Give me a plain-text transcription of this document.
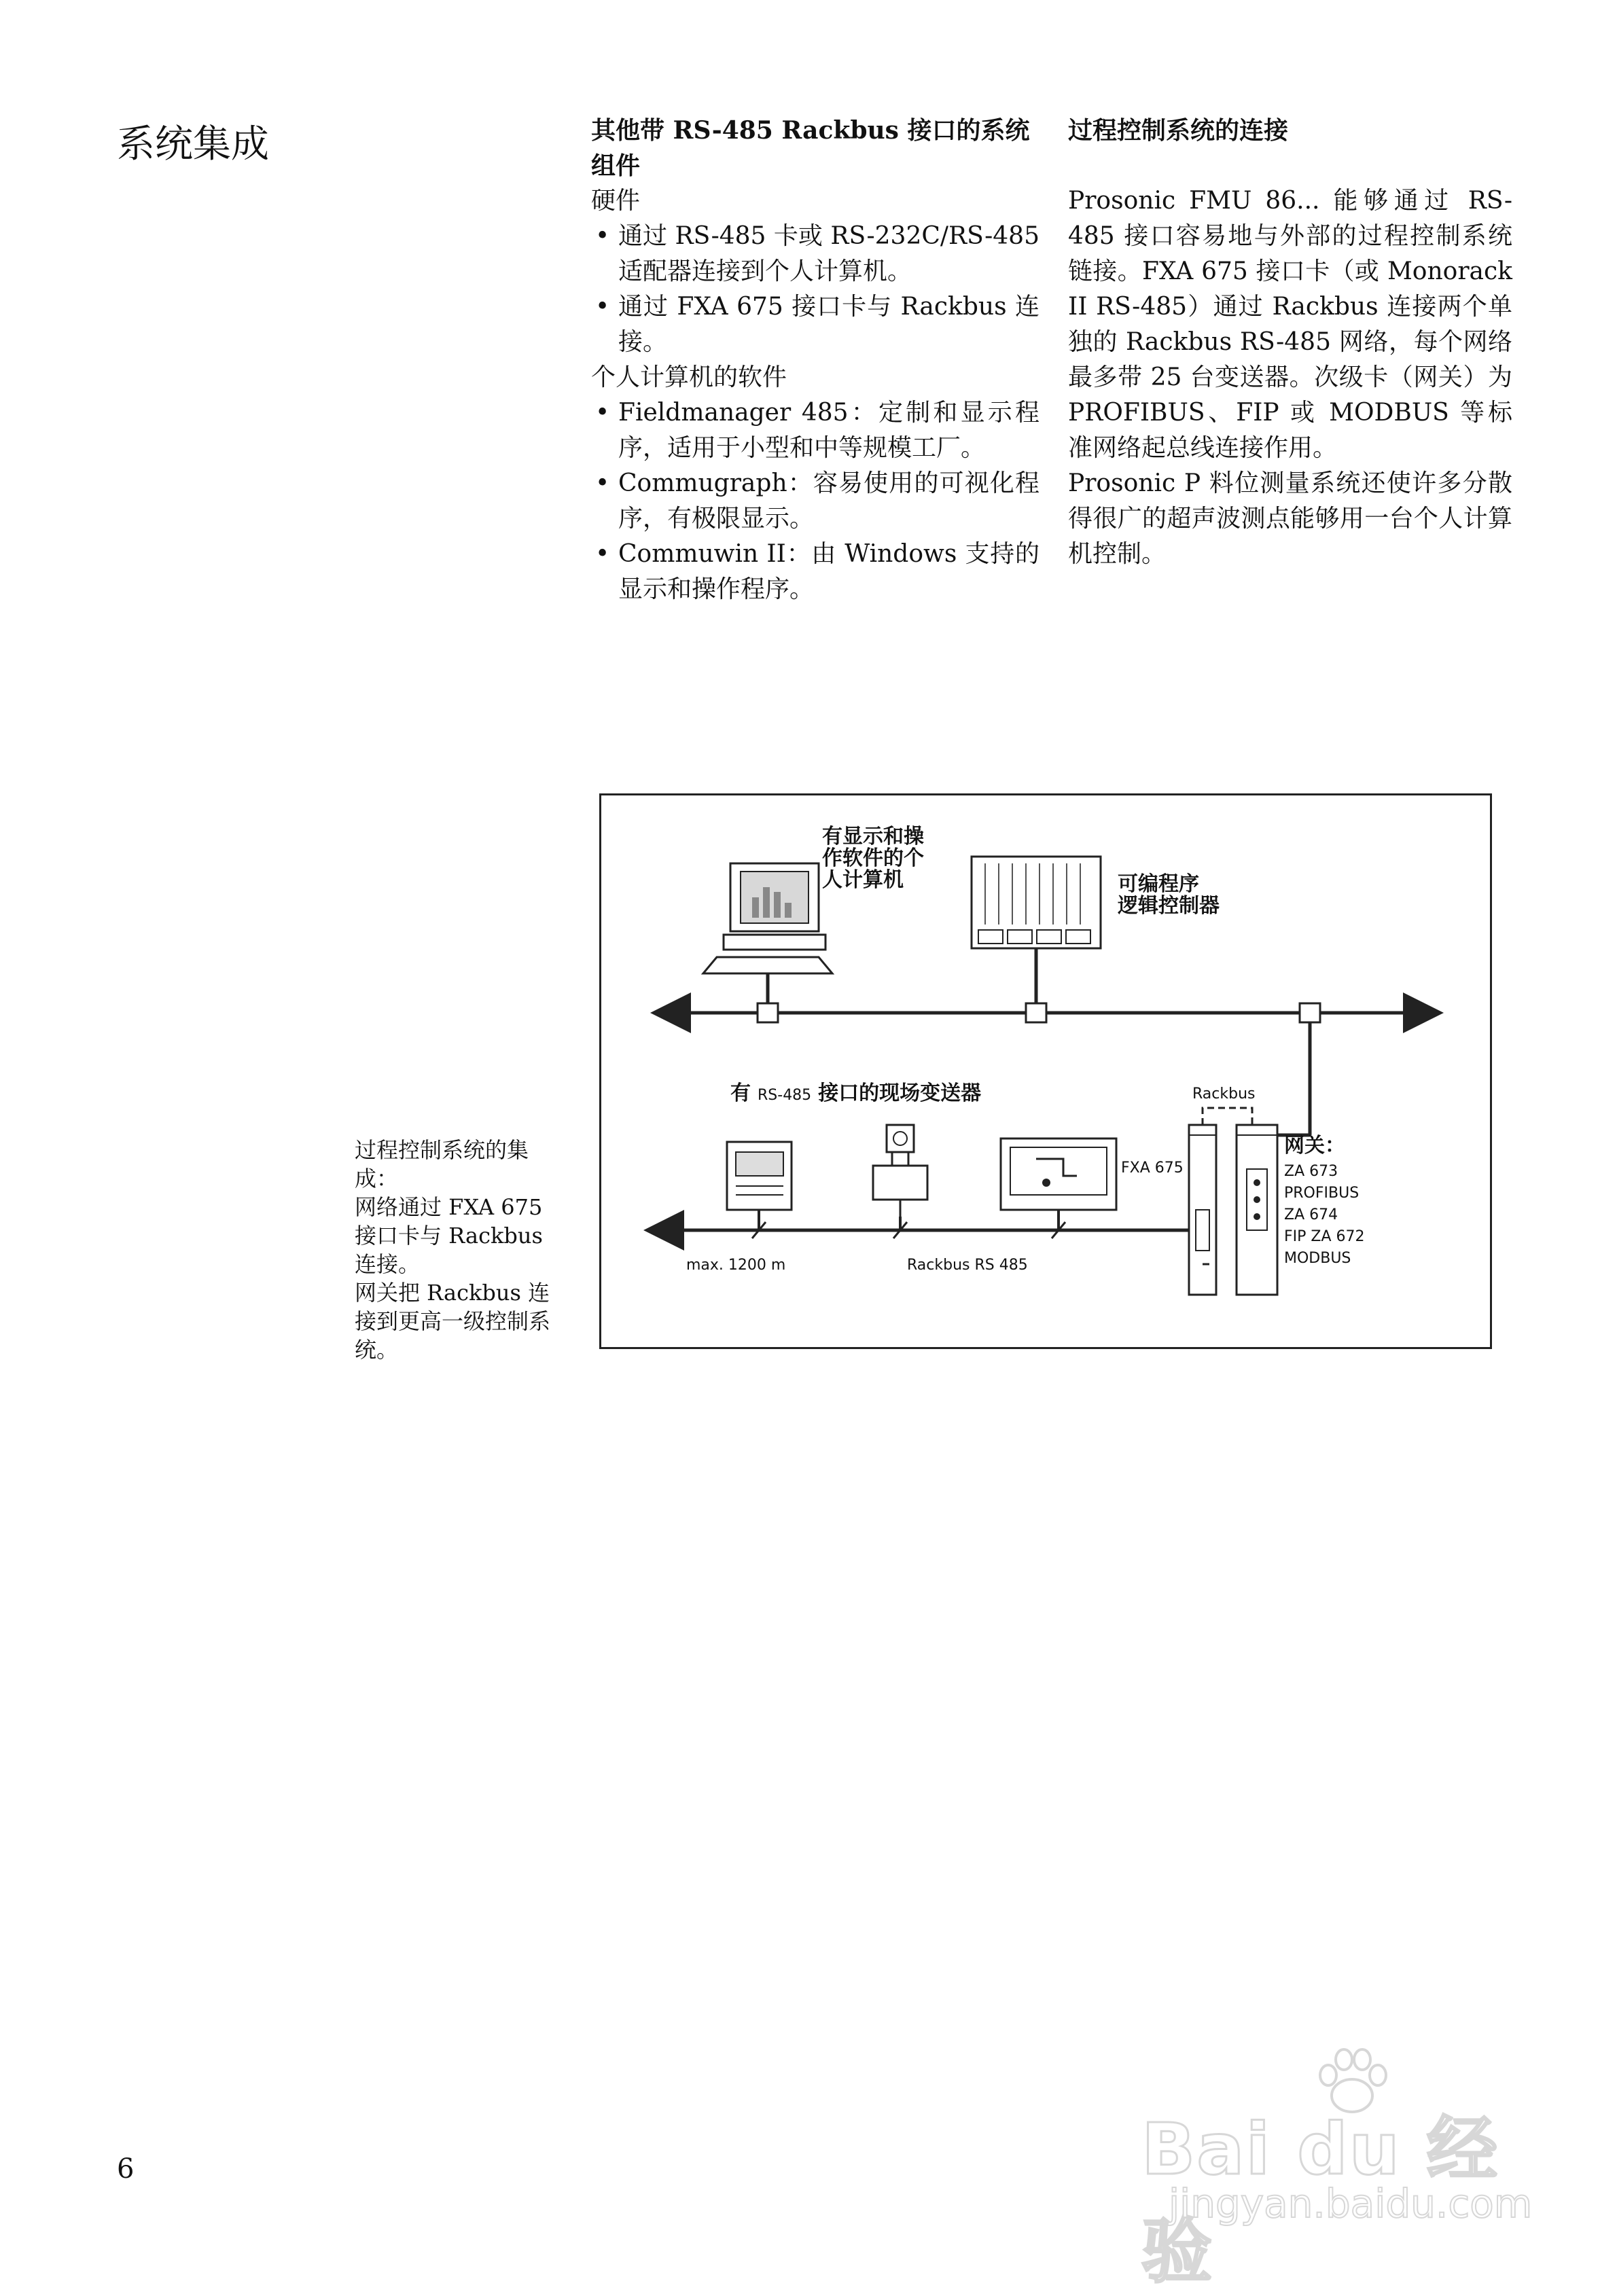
系统集成	其他带 RS-485 Rackbus 接口的系统组件

硬件

• 通过 RS-485 卡或 RS-232C/RS-485 适配器连接到个人计算机。
• 通过 FXA 675 接口卡与 Rackbus 连接。

个人计算机的软件

• Fieldmanager 485：定制和显示程序，适用于小型和中等规模工厂。
• Commugraph：容易使用的可视化程序，有极限显示。
• Commuwin II：由 Windows 支持的显示和操作程序。
过程控制系统的连接

Prosonic FMU 86... 能够通过 RS-485 接口容易地与外部的过程控制系统链接。FXA 675 接口卡（或 Monorack II RS-485）通过 Rackbus 连接两个单独的 Rackbus RS-485 网络，每个网络最多带 25 台变送器。次级卡（网关）为 PROFIBUS、FIP 或 MODBUS 等标准网络起总线连接作用。

Prosonic P 料位测量系统还使许多分散得很广的超声波测点能够用一台个人计算机控制。

过程控制系统的集成：

网络通过 FXA 675 接口卡与 Rackbus 连接。

网关把 Rackbus 连接到更高一级控制系统。

有显示和操
作软件的个
人计算机	可编程序
逻辑控制器
有 RS-485 接口的现场变送器
max. 1200 m	Rackbus RS 485
Rackbus
FXA 675
网关：
ZA 673
PROFIBUS
ZA 674
FIP ZA 672
MODBUS
6	Bai du 经验
jingyan.baidu.com
